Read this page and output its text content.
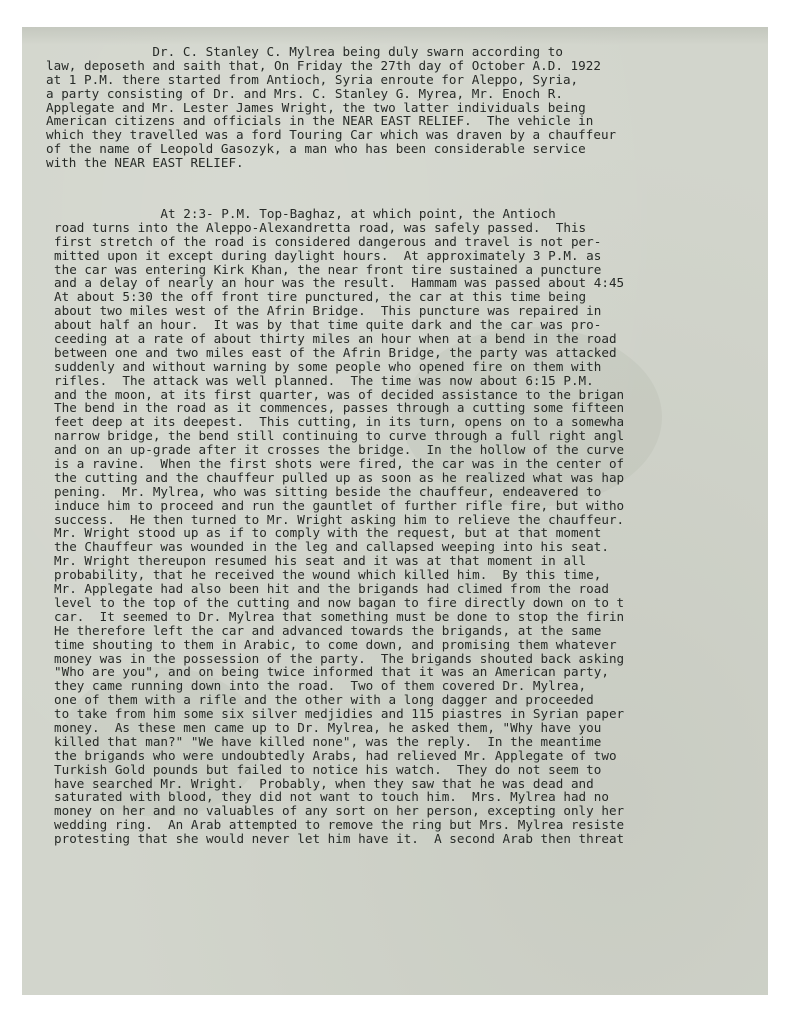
Dr. C. Stanley C. Mylrea being duly swarn according to
law, deposeth and saith that, On Friday the 27th day of October A.D. 1922
at 1 P.M. there started from Antioch, Syria enroute for Aleppo, Syria,
a party consisting of Dr. and Mrs. C. Stanley G. Myrea, Mr. Enoch R.
Applegate and Mr. Lester James Wright, the two latter individuals being
American citizens and officials in the NEAR EAST RELIEF.  The vehicle in
which they travelled was a ford Touring Car which was draven by a chauffeur
of the name of Leopold Gasozyk, a man who has been considerable service
with the NEAR EAST RELIEF.
At 2:3- P.M. Top-Baghaz, at which point, the Antioch
road turns into the Aleppo-Alexandretta road, was safely passed.  This
first stretch of the road is considered dangerous and travel is not per-
mitted upon it except during daylight hours.  At approximately 3 P.M. as
the car was entering Kirk Khan, the near front tire sustained a puncture
and a delay of nearly an hour was the result.  Hammam was passed about 4:45
At about 5:30 the off front tire punctured, the car at this time being
about two miles west of the Afrin Bridge.  This puncture was repaired in
about half an hour.  It was by that time quite dark and the car was pro-
ceeding at a rate of about thirty miles an hour when at a bend in the road
between one and two miles east of the Afrin Bridge, the party was attacked
suddenly and without warning by some people who opened fire on them with
rifles.  The attack was well planned.  The time was now about 6:15 P.M.
and the moon, at its first quarter, was of decided assistance to the brigan
The bend in the road as it commences, passes through a cutting some fifteen
feet deep at its deepest.  This cutting, in its turn, opens on to a somewha
narrow bridge, the bend still continuing to curve through a full right angl
and on an up-grade after it crosses the bridge.  In the hollow of the curve
is a ravine.  When the first shots were fired, the car was in the center of
the cutting and the chauffeur pulled up as soon as he realized what was hap
pening.  Mr. Mylrea, who was sitting beside the chauffeur, endeavered to
induce him to proceed and run the gauntlet of further rifle fire, but witho
success.  He then turned to Mr. Wright asking him to relieve the chauffeur.
Mr. Wright stood up as if to comply with the request, but at that moment
the Chauffeur was wounded in the leg and callapsed weeping into his seat.
Mr. Wright thereupon resumed his seat and it was at that moment in all
probability, that he received the wound which killed him.  By this time,
Mr. Applegate had also been hit and the brigands had climed from the road
level to the top of the cutting and now bagan to fire directly down on to t
car.  It seemed to Dr. Mylrea that something must be done to stop the firin
He therefore left the car and advanced towards the brigands, at the same
time shouting to them in Arabic, to come down, and promising them whatever
money was in the possession of the party.  The brigands shouted back asking
"Who are you", and on being twice informed that it was an American party,
they came running down into the road.  Two of them covered Dr. Mylrea,
one of them with a rifle and the other with a long dagger and proceeded
to take from him some six silver medjidies and 115 piastres in Syrian paper
money.  As these men came up to Dr. Mylrea, he asked them, "Why have you
killed that man?" "We have killed none", was the reply.  In the meantime
the brigands who were undoubtedly Arabs, had relieved Mr. Applegate of two
Turkish Gold pounds but failed to notice his watch.  They do not seem to
have searched Mr. Wright.  Probably, when they saw that he was dead and
saturated with blood, they did not want to touch him.  Mrs. Mylrea had no
money on her and no valuables of any sort on her person, excepting only her
wedding ring.  An Arab attempted to remove the ring but Mrs. Mylrea resiste
protesting that she would never let him have it.  A second Arab then threat
